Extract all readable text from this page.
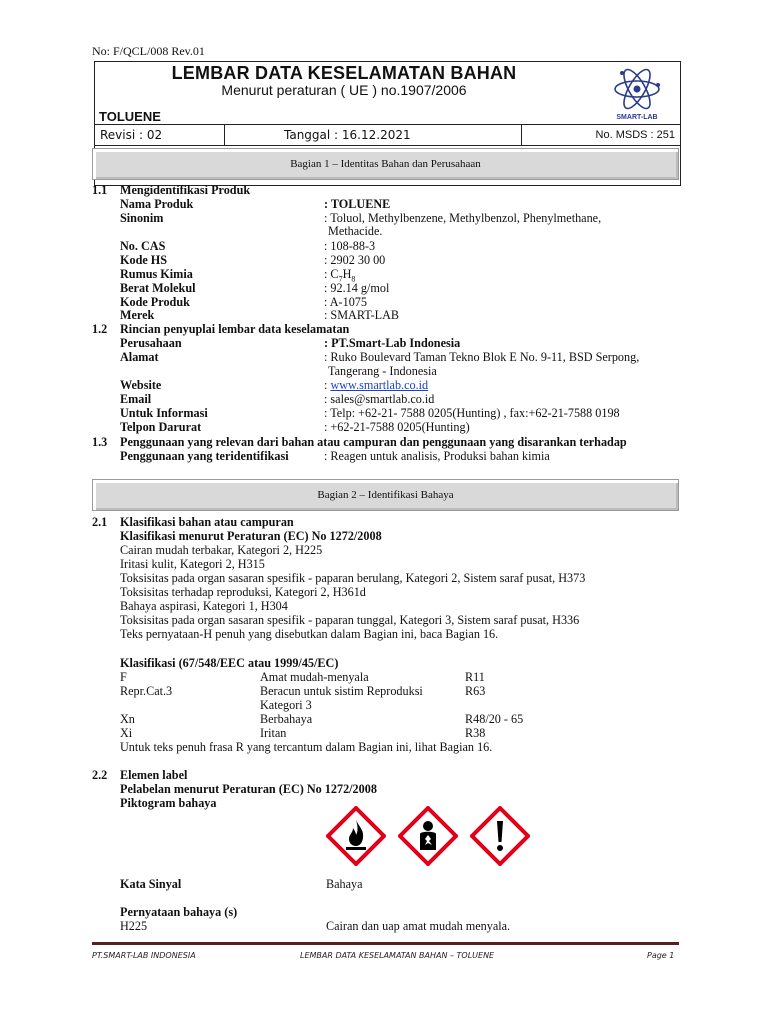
No: F/QCL/008 Rev.01
LEMBAR DATA KESELAMATAN BAHAN
Menurut peraturan ( UE ) no.1907/2006
TOLUENE	SMART-LAB
Revisi : 02	Tanggal : 16.12.2021	No. MSDS : 251
Bagian 1 – Identitas Bahan dan Perusahaan
1.1 Mengidentifikasi Produk
Nama Produk	: TOLUENE
Sinonim	: Toluol, Methylbenzene, Methylbenzol, Phenylmethane,
Methacide.
No. CAS	: 108-88-3
Kode HS	: 2902 30 00
Rumus Kimia	: $C_7H_8$
Berat Molekul	: 92.14 g/mol
Kode Produk	: A-1075
Merek	: SMART-LAB
1.2 Rincian penyuplai lembar data keselamatan
Perusahaan	: PT.Smart-Lab Indonesia
Alamat	: Ruko Boulevard Taman Tekno Blok E No. 9-11, BSD Serpong,
Tangerang - Indonesia
Website	: www.smartlab.co.id
Email	: sales@smartlab.co.id
Untuk Informasi	: Telp: +62-21- 7588 0205(Hunting) , fax:+62-21-7588 0198
Telpon Darurat	: +62-21-7588 0205(Hunting)
1.3 Penggunaan yang relevan dari bahan atau campuran dan penggunaan yang disarankan terhadap
Penggunaan yang teridentifikasi	: Reagen untuk analisis, Produksi bahan kimia
Bagian 2 – Identifikasi Bahaya
2.1 Klasifikasi bahan atau campuran
Klasifikasi menurut Peraturan (EC) No 1272/2008
Cairan mudah terbakar, Kategori 2, H225
Iritasi kulit, Kategori 2, H315
Toksisitas pada organ sasaran spesifik - paparan berulang, Kategori 2, Sistem saraf pusat, H373
Toksisitas terhadap reproduksi, Kategori 2, H361d
Bahaya aspirasi, Kategori 1, H304
Toksisitas pada organ sasaran spesifik - paparan tunggal, Kategori 3, Sistem saraf pusat, H336
Teks pernyataan-H penuh yang disebutkan dalam Bagian ini, baca Bagian 16.
Klasifikasi (67/548/EEC atau 1999/45/EC)
F	Amat mudah-menyala	R11
Repr.Cat.3	Beracun untuk sistim Reproduksi	R63
Kategori 3
Xn	Berbahaya	R48/20 - 65
Xi	Iritan	R38
Untuk teks penuh frasa R yang tercantum dalam Bagian ini, lihat Bagian 16.
2.2 Elemen label
Pelabelan menurut Peraturan (EC) No 1272/2008
Piktogram bahaya
Kata Sinyal	Bahaya
Pernyataan bahaya (s)
H225	Cairan dan uap amat mudah menyala.
PT.SMART-LAB INDONESIA	LEMBAR DATA KESELAMATAN BAHAN – TOLUENE	Page 1
